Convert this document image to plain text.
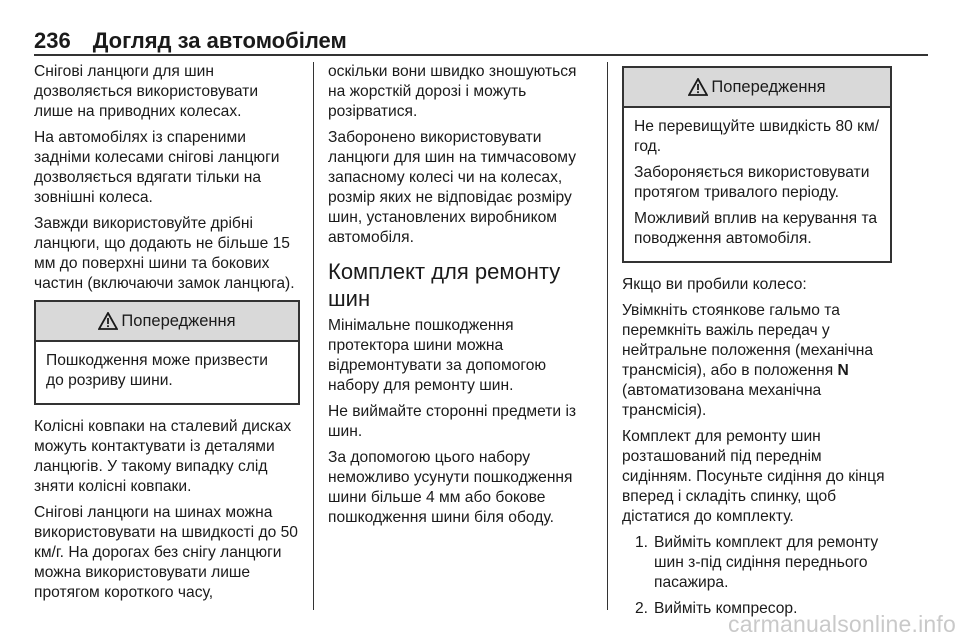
236 Догляд за автомобілем

Снігові ланцюги для шин дозволяється використовувати лише на приводних колесах.

На автомобілях із спареними задніми колесами снігові ланцюги дозволяється вдягати тільки на зовнішні колеса.

Завжди використовуйте дрібні ланцюги, що додають не більше 15 мм до поверхні шини та бокових частин (включаючи замок ланцюга).

Попередження

Пошкодження може призвести до розриву шини.

Колісні ковпаки на сталевий дисках можуть контактувати із деталями ланцюгів. У такому випадку слід зняти колісні ковпаки.

Снігові ланцюги на шинах можна використовувати на швидкості до 50 км/г. На дорогах без снігу ланцюги можна використовувати лише протягом короткого часу,

оскільки вони швидко зношуються на жорсткій дорозі і можуть розірватися.

Заборонено використовувати ланцюги для шин на тимчасовому запасному колесі чи на колесах, розмір яких не відповідає розміру шин, установлених виробником автомобіля.

Комплект для ремонту шин

Мінімальне пошкодження протектора шини можна відремонтувати за допомогою набору для ремонту шин.

Не виймайте сторонні предмети із шин.

За допомогою цього набору неможливо усунути пошкодження шини більше 4 мм або бокове пошкодження шини біля ободу.

Попередження

Не перевищуйте швидкість 80 км/год.

Забороняється використовувати протягом тривалого періоду.

Можливий вплив на керування та поводження автомобіля.

Якщо ви пробили колесо:

Увімкніть стоянкове гальмо та перемкніть важіль передач у нейтральне положення (механічна трансмісія), або в положення N (автоматизована механічна трансмісія).

Комплект для ремонту шин розташований під переднім сидінням. Посуньте сидіння до кінця вперед і складіть спинку, щоб дістатися до комплекту.

1. Вийміть комплект для ремонту шин з-під сидіння переднього пасажира.
2. Вийміть компресор.
carmanualsonline.info
